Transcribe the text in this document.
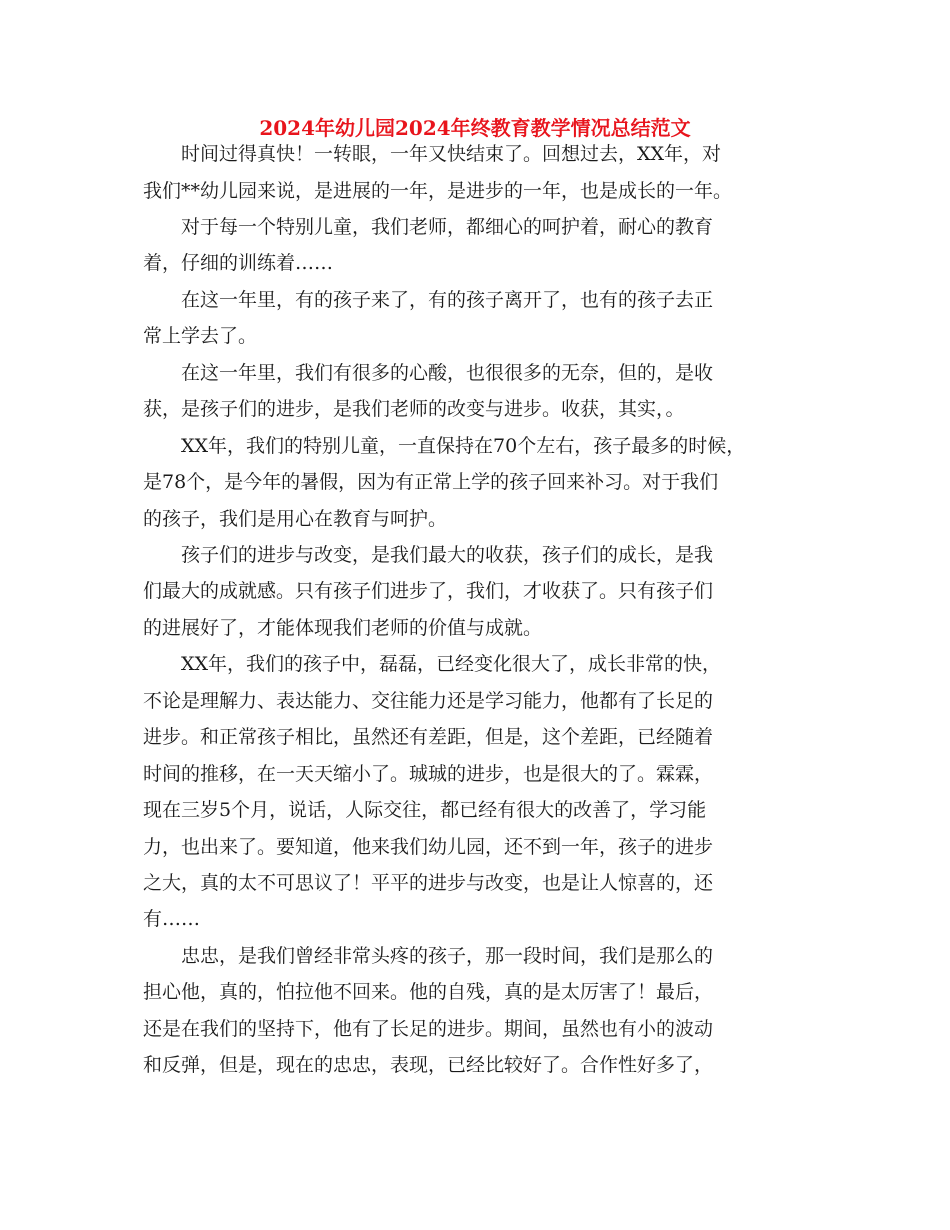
2024年幼儿园2024年终教育教学情况总结范文
　　时间过得真快！一转眼，一年又快结束了。回想过去，XX年，对
我们**幼儿园来说，是进展的一年，是进步的一年，也是成长的一年。
　　对于每一个特别儿童，我们老师，都细心的呵护着，耐心的教育
着，仔细的训练着……
　　在这一年里，有的孩子来了，有的孩子离开了，也有的孩子去正
常上学去了。
　　在这一年里，我们有很多的心酸，也很很多的无奈，但的，是收
获，是孩子们的进步，是我们老师的改变与进步。收获，其实，。
　　XX年，我们的特别儿童，一直保持在70个左右，孩子最多的时候，
是78个，是今年的暑假，因为有正常上学的孩子回来补习。对于我们
的孩子，我们是用心在教育与呵护。
　　孩子们的进步与改变，是我们最大的收获，孩子们的成长，是我
们最大的成就感。只有孩子们进步了，我们，才收获了。只有孩子们
的进展好了，才能体现我们老师的价值与成就。
　　XX年，我们的孩子中，磊磊，已经变化很大了，成长非常的快，
不论是理解力、表达能力、交往能力还是学习能力，他都有了长足的
进步。和正常孩子相比，虽然还有差距，但是，这个差距，已经随着
时间的推移，在一天天缩小了。珹珹的进步，也是很大的了。霖霖，
现在三岁5个月，说话，人际交往，都已经有很大的改善了，学习能
力，也出来了。要知道，他来我们幼儿园，还不到一年，孩子的进步
之大，真的太不可思议了！平平的进步与改变，也是让人惊喜的，还
有……
　　忠忠，是我们曾经非常头疼的孩子，那一段时间，我们是那么的
担心他，真的，怕拉他不回来。他的自残，真的是太厉害了！最后，
还是在我们的坚持下，他有了长足的进步。期间，虽然也有小的波动
和反弹，但是，现在的忠忠，表现，已经比较好了。合作性好多了，
